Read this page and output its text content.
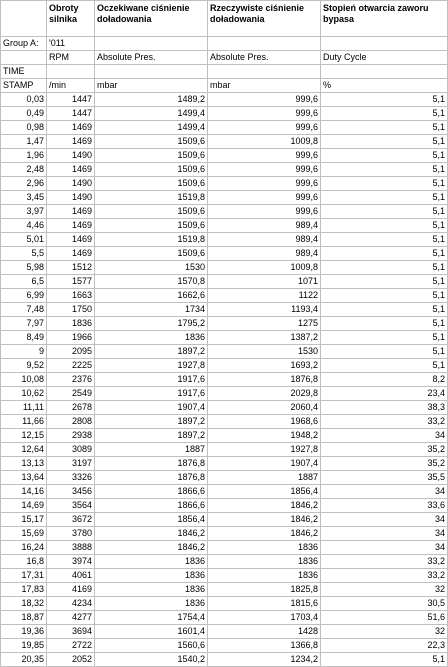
	Obroty silnika	Oczekiwane ciśnienie doładowania	Rzeczywiste ciśnienie doładowania	Stopień otwarcia zaworu bypasa
Group A:	'011			
	RPM	Absolute Pres.	Absolute Pres.	Duty Cycle
TIME				
STAMP	/min	mbar	mbar	%
0,03	1447	1489,2	999,6	5,1
0,49	1447	1499,4	999,6	5,1
0,98	1469	1499,4	999,6	5,1
1,47	1469	1509,6	1009,8	5,1
1,96	1490	1509,6	999,6	5,1
2,48	1469	1509,6	999,6	5,1
2,96	1490	1509,6	999,6	5,1
3,45	1490	1519,8	999,6	5,1
3,97	1469	1509,6	999,6	5,1
4,46	1469	1509,6	989,4	5,1
5,01	1469	1519,8	989,4	5,1
5,5	1469	1509,6	989,4	5,1
5,98	1512	1530	1009,8	5,1
6,5	1577	1570,8	1071	5,1
6,99	1663	1662,6	1122	5,1
7,48	1750	1734	1193,4	5,1
7,97	1836	1795,2	1275	5,1
8,49	1966	1836	1387,2	5,1
9	2095	1897,2	1530	5,1
9,52	2225	1927,8	1693,2	5,1
10,08	2376	1917,6	1876,8	8,2
10,62	2549	1917,6	2029,8	23,4
11,11	2678	1907,4	2060,4	38,3
11,66	2808	1897,2	1968,6	33,2
12,15	2938	1897,2	1948,2	34
12,64	3089	1887	1927,8	35,2
13,13	3197	1876,8	1907,4	35,2
13,64	3326	1876,8	1887	35,5
14,16	3456	1866,6	1856,4	34
14,69	3564	1866,6	1846,2	33,6
15,17	3672	1856,4	1846,2	34
15,69	3780	1846,2	1846,2	34
16,24	3888	1846,2	1836	34
16,8	3974	1836	1836	33,2
17,31	4061	1836	1836	33,2
17,83	4169	1836	1825,8	32
18,32	4234	1836	1815,6	30,5
18,87	4277	1754,4	1703,4	51,6
19,36	3694	1601,4	1428	32
19,85	2722	1560,6	1366,8	22,3
20,35	2052	1540,2	1234,2	5,1
